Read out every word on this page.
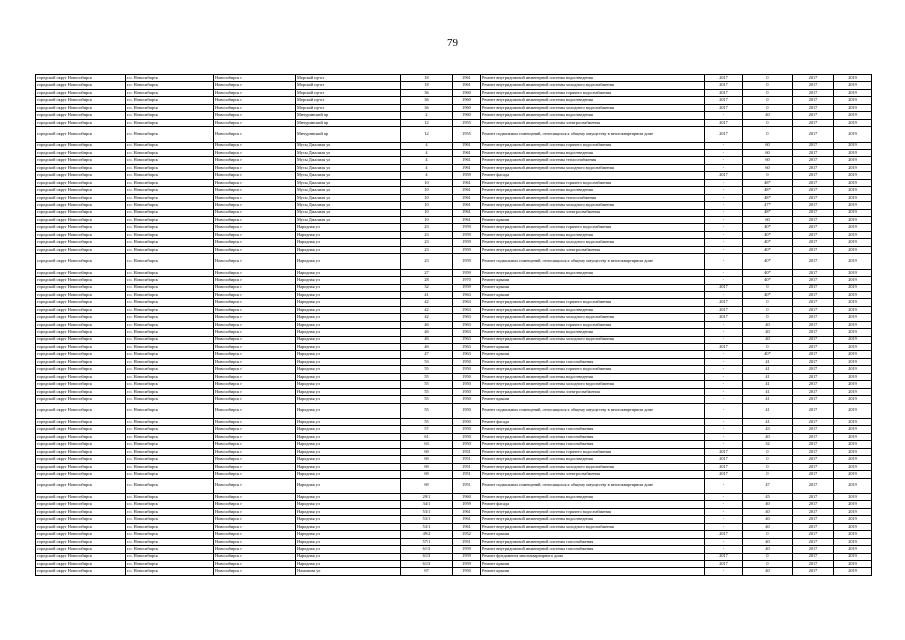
79
городской округ Новосибирск	г.о. Новосибирск	Новосибирск г	Морской пр-кт	18	1961	Ремонт внутридомовой инженерной системы водоотведения	2017	0	2017	2019
городской округ Новосибирск	г.о. Новосибирск	Новосибирск г	Морской пр-кт	18	1961	Ремонт внутридомовой инженерной системы холодного водоснабжения	2017	0	2017	2019
городской округ Новосибирск	г.о. Новосибирск	Новосибирск г	Морской пр-кт	36	1960	Ремонт внутридомовой инженерной системы горячего водоснабжения	2017	0	2017	2019
городской округ Новосибирск	г.о. Новосибирск	Новосибирск г	Морской пр-кт	36	1960	Ремонт внутридомовой инженерной системы водоотведения	2017	0	2017	2019
городской округ Новосибирск	г.о. Новосибирск	Новосибирск г	Морской пр-кт	36	1960	Ремонт внутридомовой инженерной системы холодного водоснабжения	2017	0	2017	2019
городской округ Новосибирск	г.о. Новосибирск	Новосибирск г	Мичуринский пр	2	1960	Ремонт внутридомовой инженерной системы водоотведения	-	40	2017	2019
городской округ Новосибирск	г.о. Новосибирск	Новосибирск г	Мичуринский пр	12	1955	Ремонт внутридомовой инженерной системы электроснабжения	2017	0	2017	2019
городской округ Новосибирск	г.о. Новосибирск	Новосибирск г	Мичуринский пр	12	1955	Ремонт подвальных помещений, относящихся к общему имуществу в многоквартирном доме	2017	0	2017	2019
городской округ Новосибирск	г.о. Новосибирск	Новосибирск г	Мусы Джалиля ул	4	1961	Ремонт внутридомовой инженерной системы горячего водоснабжения	-	60	2017	2019
городской округ Новосибирск	г.о. Новосибирск	Новосибирск г	Мусы Джалиля ул	4	1961	Ремонт внутридомовой инженерной системы водоотведения	-	60	2017	2019
городской округ Новосибирск	г.о. Новосибирск	Новосибирск г	Мусы Джалиля ул	4	1961	Ремонт внутридомовой инженерной системы теплоснабжения	-	60	2017	2019
городской округ Новосибирск	г.о. Новосибирск	Новосибирск г	Мусы Джалиля ул	4	1961	Ремонт внутридомовой инженерной системы холодного водоснабжения	-	60	2017	2019
городской округ Новосибирск	г.о. Новосибирск	Новосибирск г	Мусы Джалиля ул	4	1959	Ремонт фасада	2017	0	2017	2019
городской округ Новосибирск	г.о. Новосибирск	Новосибирск г	Мусы Джалиля ул	10	1961	Ремонт внутридомовой инженерной системы горячего водоснабжения	-	48*	2017	2019
городской округ Новосибирск	г.о. Новосибирск	Новосибирск г	Мусы Джалиля ул	10	1961	Ремонт внутридомовой инженерной системы водоотведения	-	48*	2017	2019
городской округ Новосибирск	г.о. Новосибирск	Новосибирск г	Мусы Джалиля ул	10	1961	Ремонт внутридомовой инженерной системы теплоснабжения	-	48*	2017	2019
городской округ Новосибирск	г.о. Новосибирск	Новосибирск г	Мусы Джалиля ул	10	1961	Ремонт внутридомовой инженерной системы холодного водоснабжения	-	47*	2017	2019
городской округ Новосибирск	г.о. Новосибирск	Новосибирск г	Мусы Джалиля ул	10	1961	Ремонт внутридомовой инженерной системы электроснабжения	-	48*	2017	2019
городской округ Новосибирск	г.о. Новосибирск	Новосибирск г	Мусы Джалиля ул	10	1961	Ремонт крыши	-	60	2017	2019
городской округ Новосибирск	г.о. Новосибирск	Новосибирск г	Народная ул	23	1959	Ремонт внутридомовой инженерной системы горячего водоснабжения	-	40*	2017	2019
городской округ Новосибирск	г.о. Новосибирск	Новосибирск г	Народная ул	23	1959	Ремонт внутридомовой инженерной системы водоотведения	-	40*	2017	2019
городской округ Новосибирск	г.о. Новосибирск	Новосибирск г	Народная ул	23	1959	Ремонт внутридомовой инженерной системы холодного водоснабжения	-	40*	2017	2019
городской округ Новосибирск	г.о. Новосибирск	Новосибирск г	Народная ул	23	1959	Ремонт внутридомовой инженерной системы электроснабжения	-	40*	2017	2019
городской округ Новосибирск	г.о. Новосибирск	Новосибирск г	Народная ул	23	1959	Ремонт подвальных помещений, относящихся к общему имуществу в многоквартирном доме	-	40*	2017	2019
городской округ Новосибирск	г.о. Новосибирск	Новосибирск г	Народная ул	27	1959	Ремонт внутридомовой инженерной системы водоотведения	-	40*	2017	2019
городской округ Новосибирск	г.о. Новосибирск	Новосибирск г	Народная ул	28	1970	Ремонт крыши	-	40*	2017	2019
городской округ Новосибирск	г.о. Новосибирск	Новосибирск г	Народная ул	32	1959	Ремонт крыши	2017	0	2017	2019
городской округ Новосибирск	г.о. Новосибирск	Новосибирск г	Народная ул	41	1963	Ремонт крыши	-	40*	2017	2019
городской округ Новосибирск	г.о. Новосибирск	Новосибирск г	Народная ул	42	1963	Ремонт внутридомовой инженерной системы горячего водоснабжения	2017	0	2017	2019
городской округ Новосибирск	г.о. Новосибирск	Новосибирск г	Народная ул	42	1963	Ремонт внутридомовой инженерной системы водоотведения	2017	0	2017	2019
городской округ Новосибирск	г.о. Новосибирск	Новосибирск г	Народная ул	42	1963	Ремонт внутридомовой инженерной системы холодного водоснабжения	2017	0	2017	2019
городской округ Новосибирск	г.о. Новосибирск	Новосибирск г	Народная ул	46	1963	Ремонт внутридомовой инженерной системы горячего водоснабжения	-	40	2017	2019
городской округ Новосибирск	г.о. Новосибирск	Новосибирск г	Народная ул	46	1963	Ремонт внутридомовой инженерной системы водоотведения	-	40	2017	2019
городской округ Новосибирск	г.о. Новосибирск	Новосибирск г	Народная ул	46	1963	Ремонт внутридомовой инженерной системы холодного водоснабжения	-	40	2017	2019
городской округ Новосибирск	г.о. Новосибирск	Новосибирск г	Народная ул	46	1963	Ремонт крыши	2017	0	2017	2019
городской округ Новосибирск	г.о. Новосибирск	Новосибирск г	Народная ул	47	1963	Ремонт крыши	-	40*	2017	2019
городской округ Новосибирск	г.о. Новосибирск	Новосибирск г	Народная ул	53	1950	Ремонт внутридомовой инженерной системы газоснабжения	-	41	2017	2019
городской округ Новосибирск	г.о. Новосибирск	Новосибирск г	Народная ул	55	1950	Ремонт внутридомовой инженерной системы горячего водоснабжения	-	41	2017	2019
городской округ Новосибирск	г.о. Новосибирск	Новосибирск г	Народная ул	55	1950	Ремонт внутридомовой инженерной системы водоотведения	-	41	2017	2019
городской округ Новосибирск	г.о. Новосибирск	Новосибирск г	Народная ул	55	1950	Ремонт внутридомовой инженерной системы холодного водоснабжения	-	41	2017	2019
городской округ Новосибирск	г.о. Новосибирск	Новосибирск г	Народная ул	55	1950	Ремонт внутридомовой инженерной системы электроснабжения	-	41	2017	2019
городской округ Новосибирск	г.о. Новосибирск	Новосибирск г	Народная ул	55	1950	Ремонт крыши	-	41	2017	2019
городской округ Новосибирск	г.о. Новосибирск	Новосибирск г	Народная ул	55	1950	Ремонт подвальных помещений, относящихся к общему имуществу в многоквартирном доме	-	41	2017	2019
городской округ Новосибирск	г.о. Новосибирск	Новосибирск г	Народная ул	55	1950	Ремонт фасада	-	41	2017	2019
городской округ Новосибирск	г.о. Новосибирск	Новосибирск г	Народная ул	57	1950	Ремонт внутридомовой инженерной системы газоснабжения	-	43	2017	2019
городской округ Новосибирск	г.о. Новосибирск	Новосибирск г	Народная ул	61	1950	Ремонт внутридомовой инженерной системы газоснабжения	-	40	2017	2019
городской округ Новосибирск	г.о. Новосибирск	Новосибирск г	Народная ул	63	1950	Ремонт внутридомовой инженерной системы газоснабжения	-	32	2017	2019
городской округ Новосибирск	г.о. Новосибирск	Новосибирск г	Народная ул	69	1951	Ремонт внутридомовой инженерной системы горячего водоснабжения	2017	0	2017	2019
городской округ Новосибирск	г.о. Новосибирск	Новосибирск г	Народная ул	69	1951	Ремонт внутридомовой инженерной системы водоотведения	2017	0	2017	2019
городской округ Новосибирск	г.о. Новосибирск	Новосибирск г	Народная ул	69	1951	Ремонт внутридомовой инженерной системы холодного водоснабжения	2017	0	2017	2019
городской округ Новосибирск	г.о. Новосибирск	Новосибирск г	Народная ул	69	1951	Ремонт внутридомовой инженерной системы электроснабжения	2017	0	2017	2019
городской округ Новосибирск	г.о. Новосибирск	Новосибирск г	Народная ул	69	1951	Ремонт подвальных помещений, относящихся к общему имуществу в многоквартирном доме	-	47	2017	2019
городской округ Новосибирск	г.о. Новосибирск	Новосибирск г	Народная ул	29/1	1960	Ремонт внутридомовой инженерной системы водоотведения	-	45	2017	2019
городской округ Новосибирск	г.о. Новосибирск	Новосибирск г	Народная ул	34/1	1959	Ремонт фасада	-	40	2017	2019
городской округ Новосибирск	г.о. Новосибирск	Новосибирск г	Народная ул	53/1	1961	Ремонт внутридомовой инженерной системы горячего водоснабжения	-	40	2017	2019
городской округ Новосибирск	г.о. Новосибирск	Новосибирск г	Народная ул	53/1	1961	Ремонт внутридомовой инженерной системы водоотведения	-	40	2017	2019
городской округ Новосибирск	г.о. Новосибирск	Новосибирск г	Народная ул	53/1	1961	Ремонт внутридомовой инженерной системы холодного водоснабжения	-	40	2017	2019
городской округ Новосибирск	г.о. Новосибирск	Новосибирск г	Народная ул	49/2	1952	Ремонт крыши	2017	0	2017	2019
городской округ Новосибирск	г.о. Новосибирск	Новосибирск г	Народная ул	57/1	1951	Ремонт внутридомовой инженерной системы газоснабжения	-	40	2017	2019
городской округ Новосибирск	г.о. Новосибирск	Новосибирск г	Народная ул	61/3	1959	Ремонт внутридомовой инженерной системы газоснабжения	-	40	2017	2019
городской округ Новосибирск	г.о. Новосибирск	Новосибирск г	Народная ул	61/3	1959	Ремонт фундамента многоквартирного дома	2017	0	2017	2019
городской округ Новосибирск	г.о. Новосибирск	Новосибирск г	Народная ул	61/3	1959	Ремонт крыши	2017	0	2017	2019
городской округ Новосибирск	г.о. Новосибирск	Новосибирск г	Нахимова ул	67	1950	Ремонт крыши	-	40	2017	2019
